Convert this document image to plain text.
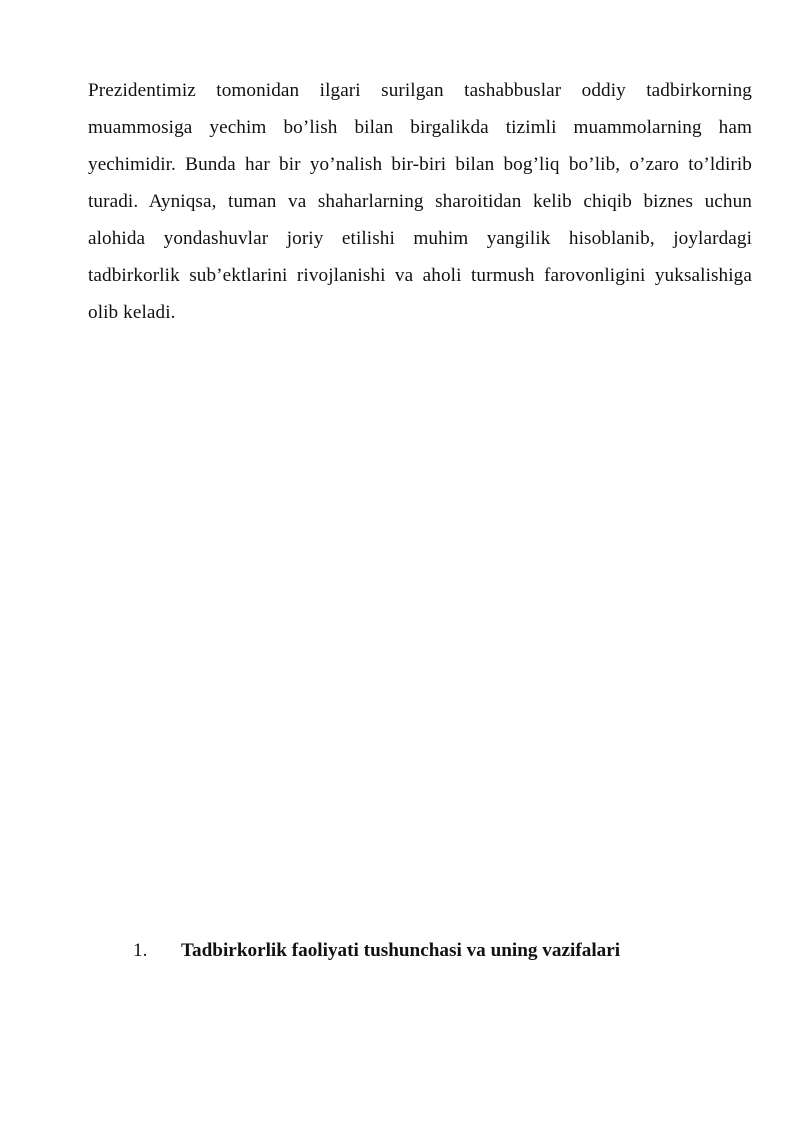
Prezidentimiz tomonidan ilgari surilgan tashabbuslar oddiy tadbirkorning muammosiga yechim bo’lish bilan birgalikda tizimli muammolarning ham yechimidir. Bunda har bir yo’nalish bir-biri bilan bog’liq bo’lib, o’zaro to’ldirib turadi. Ayniqsa, tuman va shaharlarning sharoitidan kelib chiqib biznes uchun alohida yondashuvlar joriy etilishi muhim yangilik hisoblanib, joylardagi tadbirkorlik sub’ektlarini rivojlanishi va aholi turmush farovonligini yuksalishiga olib keladi.

1. Tadbirkorlik faoliyati tushunchasi va uning vazifalari
